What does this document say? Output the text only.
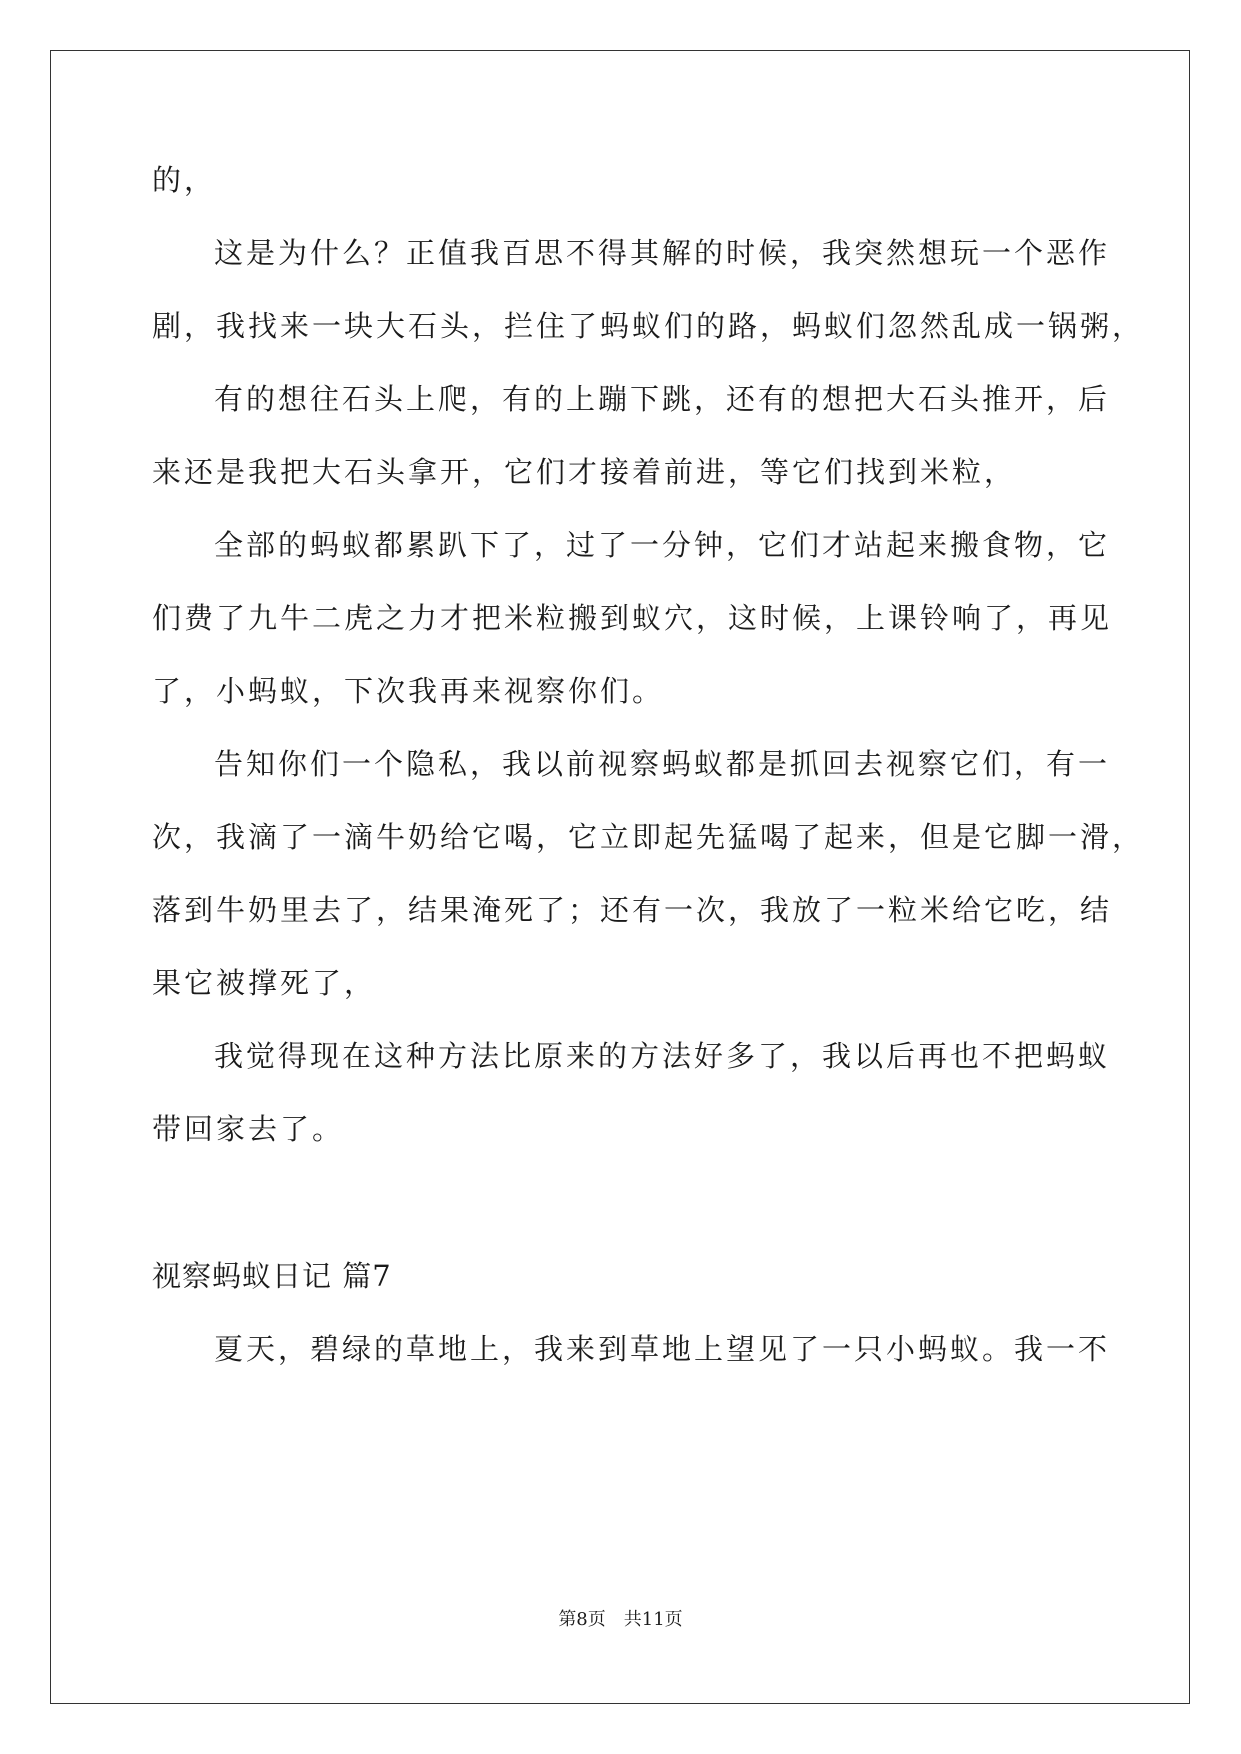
的，
这是为什么？正值我百思不得其解的时候，我突然想玩一个恶作
剧，我找来一块大石头，拦住了蚂蚁们的路，蚂蚁们忽然乱成一锅粥，
有的想往石头上爬，有的上蹦下跳，还有的想把大石头推开，后
来还是我把大石头拿开，它们才接着前进，等它们找到米粒，
全部的蚂蚁都累趴下了，过了一分钟，它们才站起来搬食物，它
们费了九牛二虎之力才把米粒搬到蚁穴，这时候，上课铃响了，再见
了，小蚂蚁，下次我再来视察你们。
告知你们一个隐私，我以前视察蚂蚁都是抓回去视察它们，有一
次，我滴了一滴牛奶给它喝，它立即起先猛喝了起来，但是它脚一滑，
落到牛奶里去了，结果淹死了；还有一次，我放了一粒米给它吃，结
果它被撑死了，
我觉得现在这种方法比原来的方法好多了，我以后再也不把蚂蚁
带回家去了。
视察蚂蚁日记 篇7
夏天，碧绿的草地上，我来到草地上望见了一只小蚂蚁。我一不
第8页　共11页
